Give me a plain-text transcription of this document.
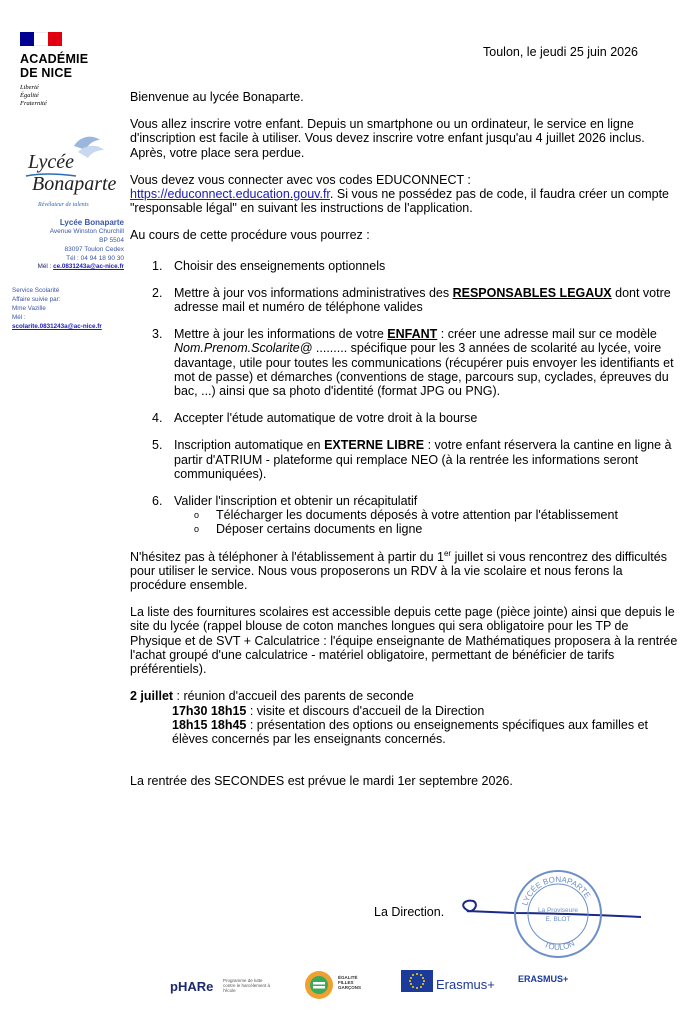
ACADÉMIE
DE NICE
Liberté
Égalité
Fraternité
Lycée
Bonaparte
Révélateur de talents
Lycée Bonaparte
Avenue Winston Churchill
BP 5504
83097 Toulon Cedex
Tél : 04 94 18 90 30
Mél : ce.0831243a@ac-nice.fr
Service Scolarité
Affaire suivie par:
Mme Vazille
Mél :
scolarite.0831243a@ac-nice.fr
Toulon, le jeudi 25 juin 2026

Bienvenue au lycée Bonaparte.

Vous allez inscrire votre enfant. Depuis un smartphone ou un ordinateur, le service en ligne d'inscription est facile à utiliser. Vous devez inscrire votre enfant jusqu'au 4 juillet 2026 inclus. Après, votre place sera perdue.

Vous devez vous connecter avec vos codes EDUCONNECT :
https://educonnect.education.gouv.fr. Si vous ne possédez pas de code, il faudra créer un compte "responsable légal" en suivant les instructions de l'application.

Au cours de cette procédure vous pourrez :

1. Choisir des enseignements optionnels
2. Mettre à jour vos informations administratives des RESPONSABLES LEGAUX dont votre adresse mail et numéro de téléphone valides
3. Mettre à jour les informations de votre ENFANT : créer une adresse mail sur ce modèle Nom.Prenom.Scolarite@ ......... spécifique pour les 3 années de scolarité au lycée, voire davantage, utile pour toutes les communications (récupérer puis envoyer les identifiants et mot de passe) et démarches (conventions de stage, parcours sup, cyclades, épreuves du bac, ...) ainsi que sa photo d'identité (format JPG ou PNG).
4. Accepter l'étude automatique de votre droit à la bourse
5. Inscription automatique en EXTERNE LIBRE : votre enfant réservera la cantine en ligne à partir d'ATRIUM - plateforme qui remplace NEO (à la rentrée les informations seront communiquées).
6. Valider l'inscription et obtenir un récapitulatif
o	Télécharger les documents déposés à votre attention par l'établissement
o	Déposer certains documents en ligne

N'hésitez pas à téléphoner à l'établissement à partir du 1er juillet si vous rencontrez des difficultés pour utiliser le service. Nous vous proposerons un RDV à la vie scolaire et nous ferons la procédure ensemble.

La liste des fournitures scolaires est accessible depuis cette page (pièce jointe) ainsi que depuis le site du lycée (rappel blouse de coton manches longues qui sera obligatoire pour les TP de Physique et de SVT + Calculatrice : l'équipe enseignante de Mathématiques proposera à la rentrée l'achat groupé d'une calculatrice - matériel obligatoire, permettant de bénéficier de tarifs préférentiels).

2 juillet : réunion d'accueil des parents de seconde
17h30 18h15 : visite et discours d'accueil de la Direction
18h15 18h45 : présentation des options ou enseignements spécifiques aux familles et élèves concernés par les enseignants concernés.

La rentrée des SECONDES est prévue le mardi 1er septembre 2026.

La Direction.
LYCÉE BONAPARTE
TOULON
La Proviseure
E. BLOT
pHARe Programme de lutte contre le harcèlement à l'école
ÉGALITÉ FILLES GARÇONS	Erasmus+	ERASMUS+
